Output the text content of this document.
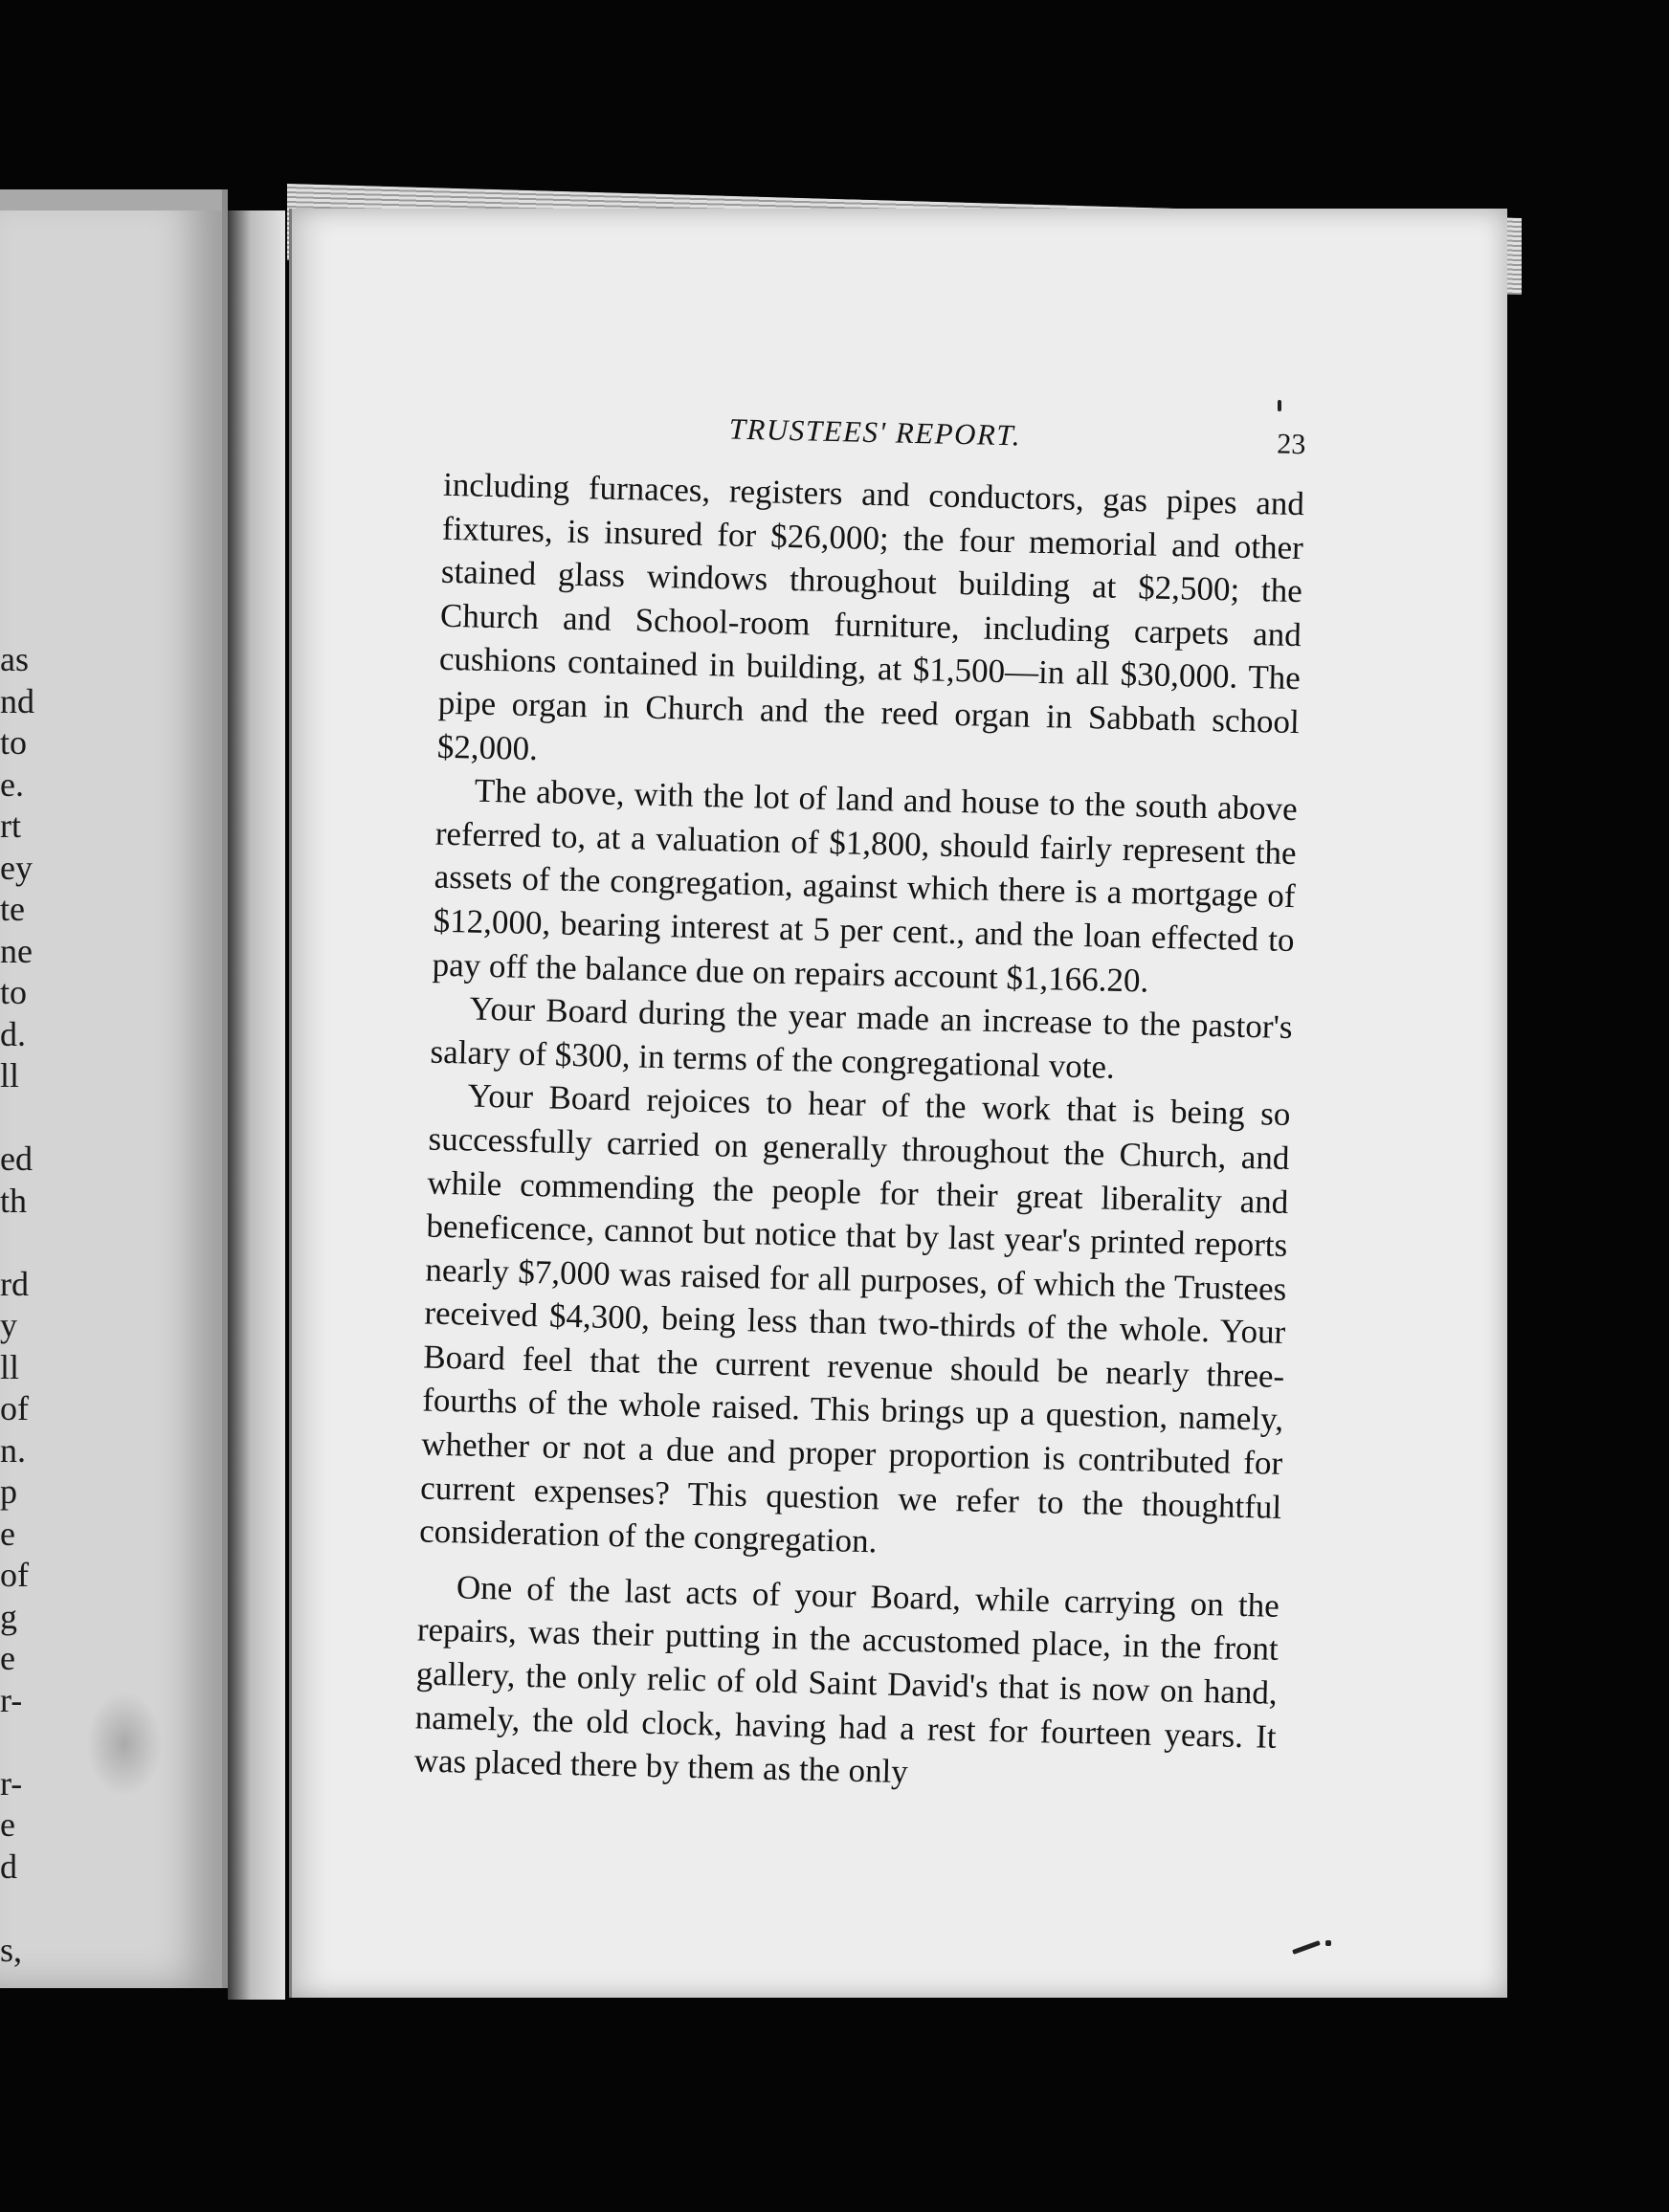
as
nd
to
e.
rt
ey
te
ne
to
d.
ll
ed
th
rd
y
ll
of
n.
p
e
of
g
e
r-
r-
e
d
s,
TRUSTEES' REPORT.	23

including furnaces, registers and conductors, gas pipes and fixtures, is insured for $26,000; the four memorial and other stained glass windows throughout building at $2,500; the Church and School-room furniture, including carpets and cushions contained in building, at $1,500—in all $30,000. The pipe organ in Church and the reed organ in Sabbath school $2,000.

The above, with the lot of land and house to the south above referred to, at a valuation of $1,800, should fairly represent the assets of the congregation, against which there is a mortgage of $12,000, bearing interest at 5 per cent., and the loan effected to pay off the balance due on repairs account $1,166.20.

Your Board during the year made an increase to the pastor's salary of $300, in terms of the congregational vote.

Your Board rejoices to hear of the work that is being so successfully carried on generally throughout the Church, and while commending the people for their great liberality and beneficence, cannot but notice that by last year's printed reports nearly $7,000 was raised for all purposes, of which the Trustees received $4,300, being less than two-thirds of the whole. Your Board feel that the current revenue should be nearly three-fourths of the whole raised. This brings up a question, namely, whether or not a due and proper proportion is contributed for current expenses? This question we refer to the thoughtful consideration of the congregation.

One of the last acts of your Board, while carrying on the repairs, was their putting in the accustomed place, in the front gallery, the only relic of old Saint David's that is now on hand, namely, the old clock, having had a rest for fourteen years. It was placed there by them as the only
